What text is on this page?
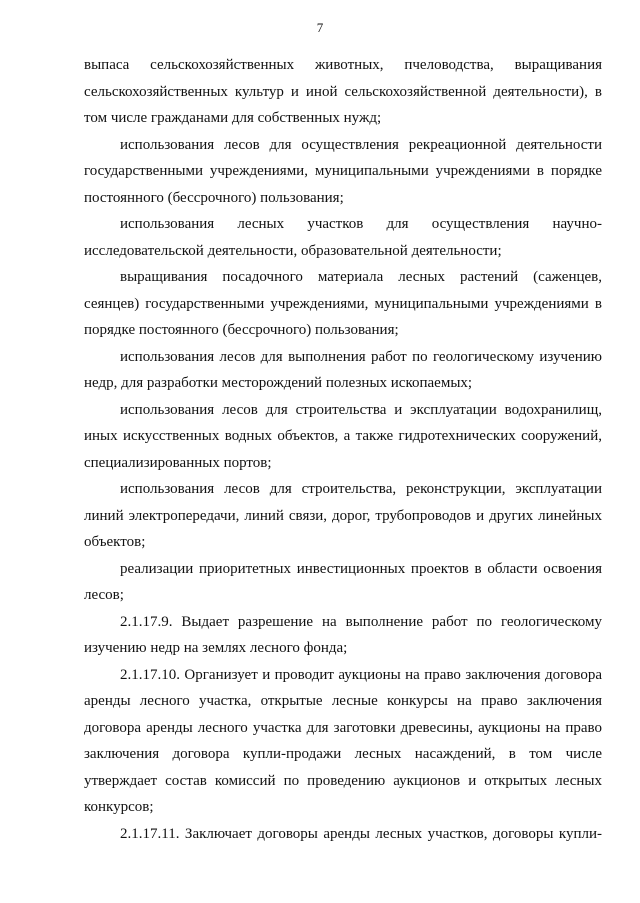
7

выпаса сельскохозяйственных животных, пчеловодства, выращивания сельскохозяйственных культур и иной сельскохозяйственной деятельности), в том числе гражданами для собственных нужд;

использования лесов для осуществления рекреационной деятельности государственными учреждениями, муниципальными учреждениями в порядке постоянного (бессрочного) пользования;

использования лесных участков для осуществления научно-исследовательской деятельности, образовательной деятельности;

выращивания посадочного материала лесных растений (саженцев, сеянцев) государственными учреждениями, муниципальными учреждениями в порядке постоянного (бессрочного) пользования;

использования лесов для выполнения работ по геологическому изучению недр, для разработки месторождений полезных ископаемых;

использования лесов для строительства и эксплуатации водохранилищ, иных искусственных водных объектов, а также гидротехнических сооружений, специализированных портов;

использования лесов для строительства, реконструкции, эксплуатации линий электропередачи, линий связи, дорог, трубопроводов и других линейных объектов;

реализации приоритетных инвестиционных проектов в области освоения лесов;

2.1.17.9. Выдает разрешение на выполнение работ по геологическому изучению недр на землях лесного фонда;

2.1.17.10. Организует и проводит аукционы на право заключения договора аренды лесного участка, открытые лесные конкурсы на право заключения договора аренды лесного участка для заготовки древесины, аукционы на право заключения договора купли-продажи лесных насаждений, в том числе утверждает состав комиссий по проведению аукционов и открытых лесных конкурсов;

2.1.17.11. Заключает договоры аренды лесных участков, договоры купли-
